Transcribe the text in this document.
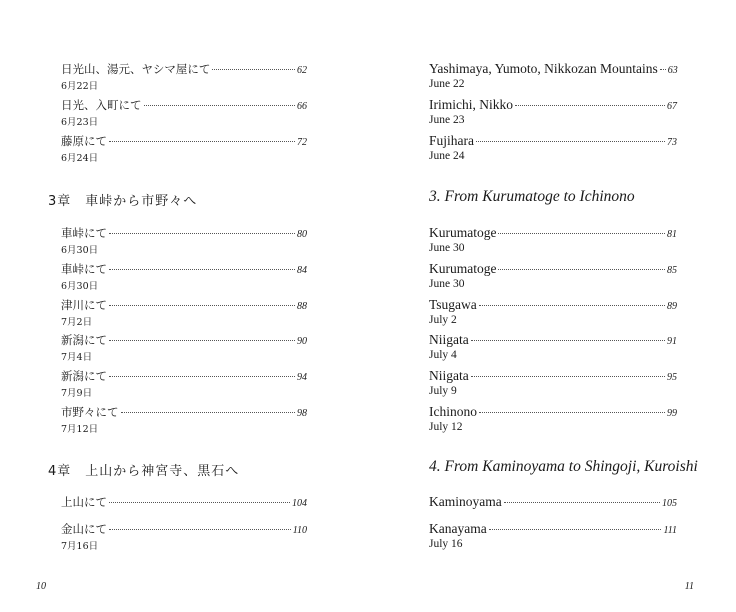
日光山、湯元、ヤシマ屋にて	62
6月22日
日光、入町にて	66
6月23日
藤原にて	72
6月24日
3章　車峠から市野々へ
車峠にて	80
6月30日
車峠にて	84
6月30日
津川にて	88
7月2日
新潟にて	90
7月4日
新潟にて	94
7月9日
市野々にて	98
7月12日
4章　上山から神宮寺、黒石へ
上山にて	104
金山にて	110
7月16日
10
Yashimaya, Yumoto, Nikkozan Mountains 63
June 22
Irimichi, Nikko	67
June 23
Fujihara	73
June 24
3. From Kurumatoge to Ichinono
Kurumatoge	81
June 30
Kurumatoge	85
June 30
Tsugawa	89
July 2
Niigata	91
July 4
Niigata	95
July 9
Ichinono	99
July 12
4. From Kaminoyama to Shingoji, Kuroishi
Kaminoyama	105
Kanayama	111
July 16
11
